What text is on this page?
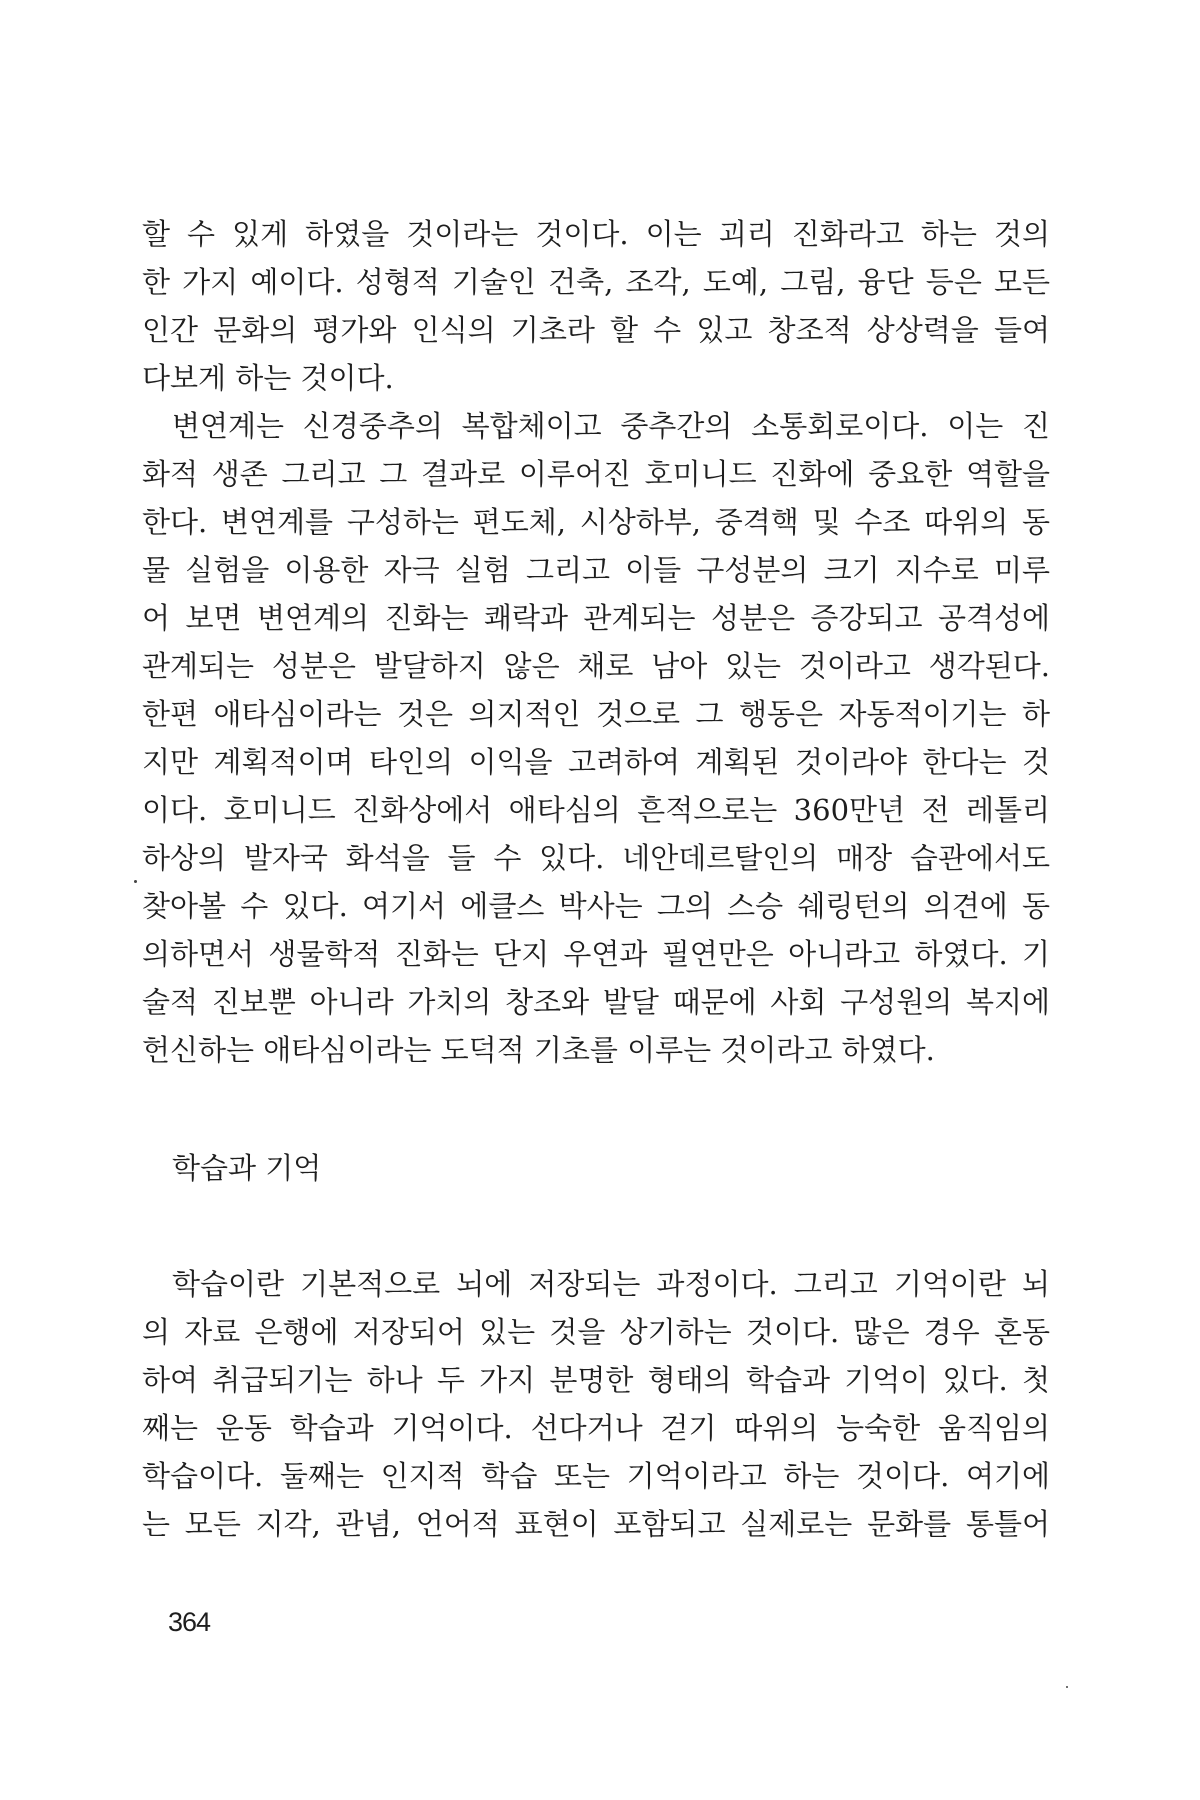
할 수 있게 하였을 것이라는 것이다. 이는 괴리 진화라고 하는 것의
한 가지 예이다. 성형적 기술인 건축, 조각, 도예, 그림, 융단 등은 모든
인간 문화의 평가와 인식의 기초라 할 수 있고 창조적 상상력을 들여
다보게 하는 것이다.
변연계는 신경중추의 복합체이고 중추간의 소통회로이다. 이는 진
화적 생존 그리고 그 결과로 이루어진 호미니드 진화에 중요한 역할을
한다. 변연계를 구성하는 편도체, 시상하부, 중격핵 및 수조 따위의 동
물 실험을 이용한 자극 실험 그리고 이들 구성분의 크기 지수로 미루
어 보면 변연계의 진화는 쾌락과 관계되는 성분은 증강되고 공격성에
관계되는 성분은 발달하지 않은 채로 남아 있는 것이라고 생각된다.
한편 애타심이라는 것은 의지적인 것으로 그 행동은 자동적이기는 하
지만 계획적이며 타인의 이익을 고려하여 계획된 것이라야 한다는 것
이다. 호미니드 진화상에서 애타심의 흔적으로는 360만년 전 레톨리
하상의 발자국 화석을 들 수 있다. 네안데르탈인의 매장 습관에서도
찾아볼 수 있다. 여기서 에클스 박사는 그의 스승 쉐링턴의 의견에 동
의하면서 생물학적 진화는 단지 우연과 필연만은 아니라고 하였다. 기
술적 진보뿐 아니라 가치의 창조와 발달 때문에 사회 구성원의 복지에
헌신하는 애타심이라는 도덕적 기초를 이루는 것이라고 하였다.
학습과 기억
학습이란 기본적으로 뇌에 저장되는 과정이다. 그리고 기억이란 뇌
의 자료 은행에 저장되어 있는 것을 상기하는 것이다. 많은 경우 혼동
하여 취급되기는 하나 두 가지 분명한 형태의 학습과 기억이 있다. 첫
째는 운동 학습과 기억이다. 선다거나 걷기 따위의 능숙한 움직임의
학습이다. 둘째는 인지적 학습 또는 기억이라고 하는 것이다. 여기에
는 모든 지각, 관념, 언어적 표현이 포함되고 실제로는 문화를 통틀어
364
